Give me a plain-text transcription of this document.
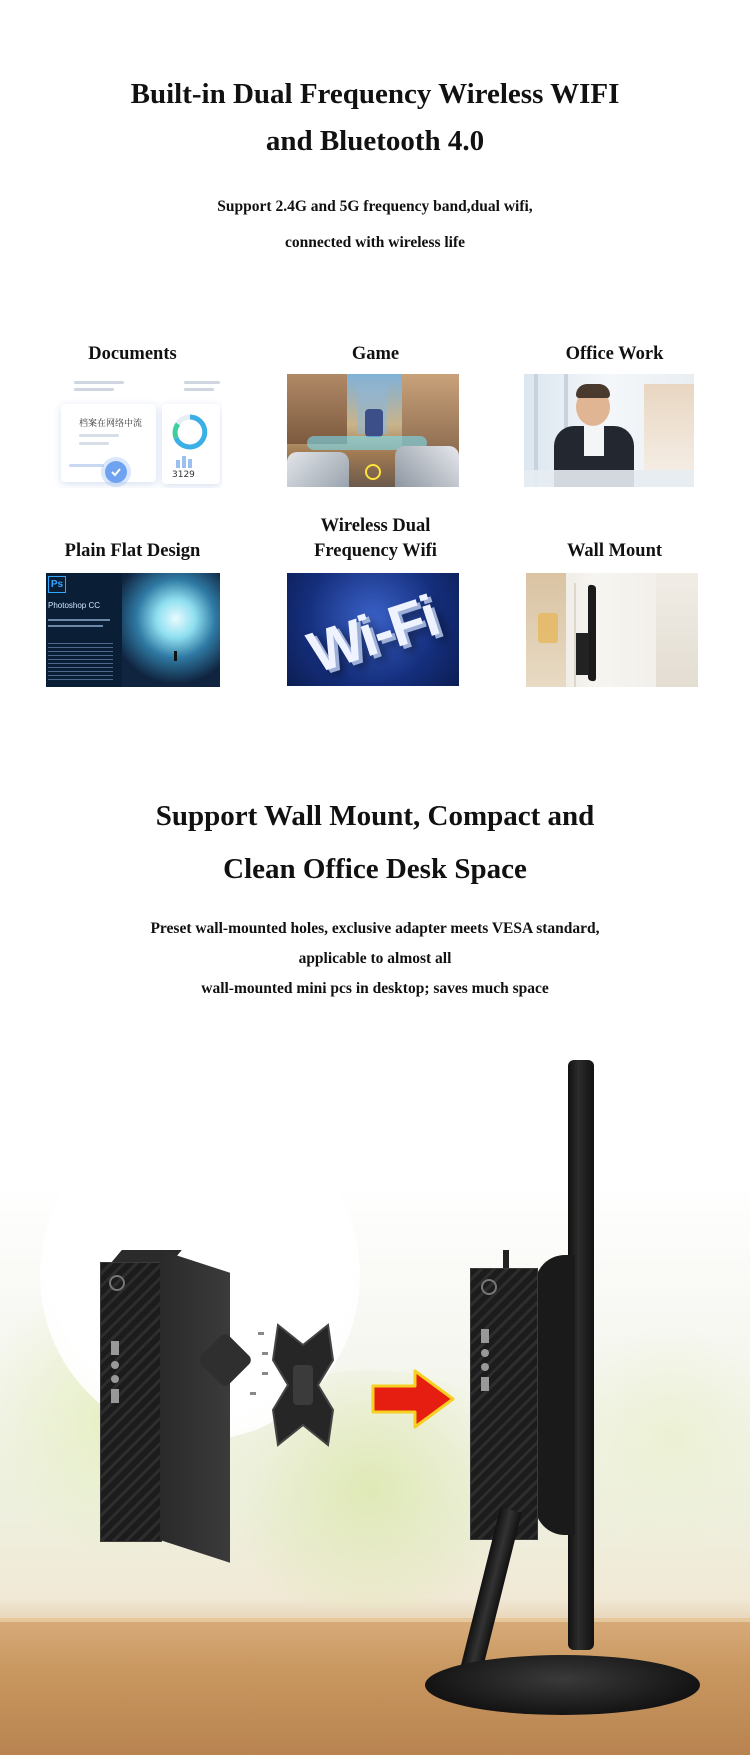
Built-in Dual Frequency Wireless WIFI
and Bluetooth 4.0
Support 2.4G and 5G frequency band,dual wifi,
connected with wireless life
Documents	Game	Office Work
档案在网络中流
3129
Plain Flat Design
Wireless Dual
Frequency Wifi	Wall Mount
Ps
Photoshop CC	Wi-Fi
Support Wall Mount, Compact and
Clean Office Desk Space
Preset wall-mounted holes, exclusive adapter meets VESA standard,
applicable to almost all
wall-mounted mini pcs in desktop; saves much space
